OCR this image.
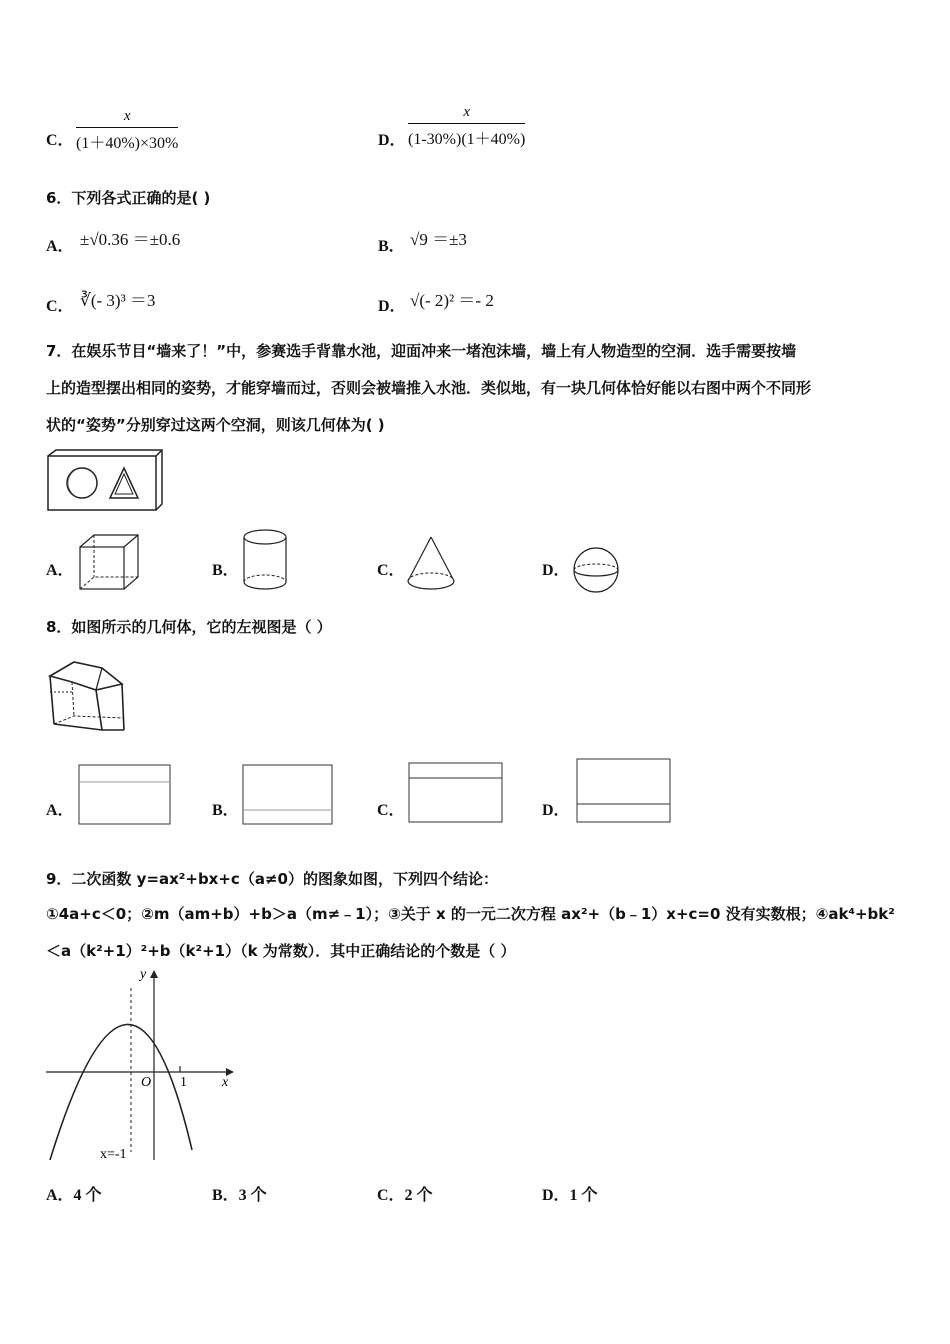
C． $\frac{x}{(1+40\%)\times 30\%}$	D． $\frac{x}{(1-30\%)(1+40\%)}$
6．下列各式正确的是( )
A． ±√0.36 ＝±0.6	B． √9 ＝±3
C． ∛(- 3)³ ＝3	D． √(- 2)² ＝- 2
7．在娱乐节目“墙来了！”中，参赛选手背靠水池，迎面冲来一堵泡沫墙，墙上有人物造型的空洞．选手需要按墙
上的造型摆出相同的姿势，才能穿墙而过，否则会被墙推入水池．类似地，有一块几何体恰好能以右图中两个不同形
状的“姿势”分别穿过这两个空洞，则该几何体为( )
A．	B．	C．	D．
8．如图所示的几何体，它的左视图是（ ）
A．	B．	C．	D．
9．二次函数 y=ax²+bx+c（a≠0）的图象如图，下列四个结论：
①4a+c＜0；②m（am+b）+b＞a（m≠﹣1）；③关于 x 的一元二次方程 ax²+（b﹣1）x+c=0 没有实数根；④ak⁴+bk²
＜a（k²+1）²+b（k²+1）（k 为常数）．其中正确结论的个数是（ ）
x
y
O 1
x=-1
A．4 个	B．3 个	C．2 个	D．1 个
